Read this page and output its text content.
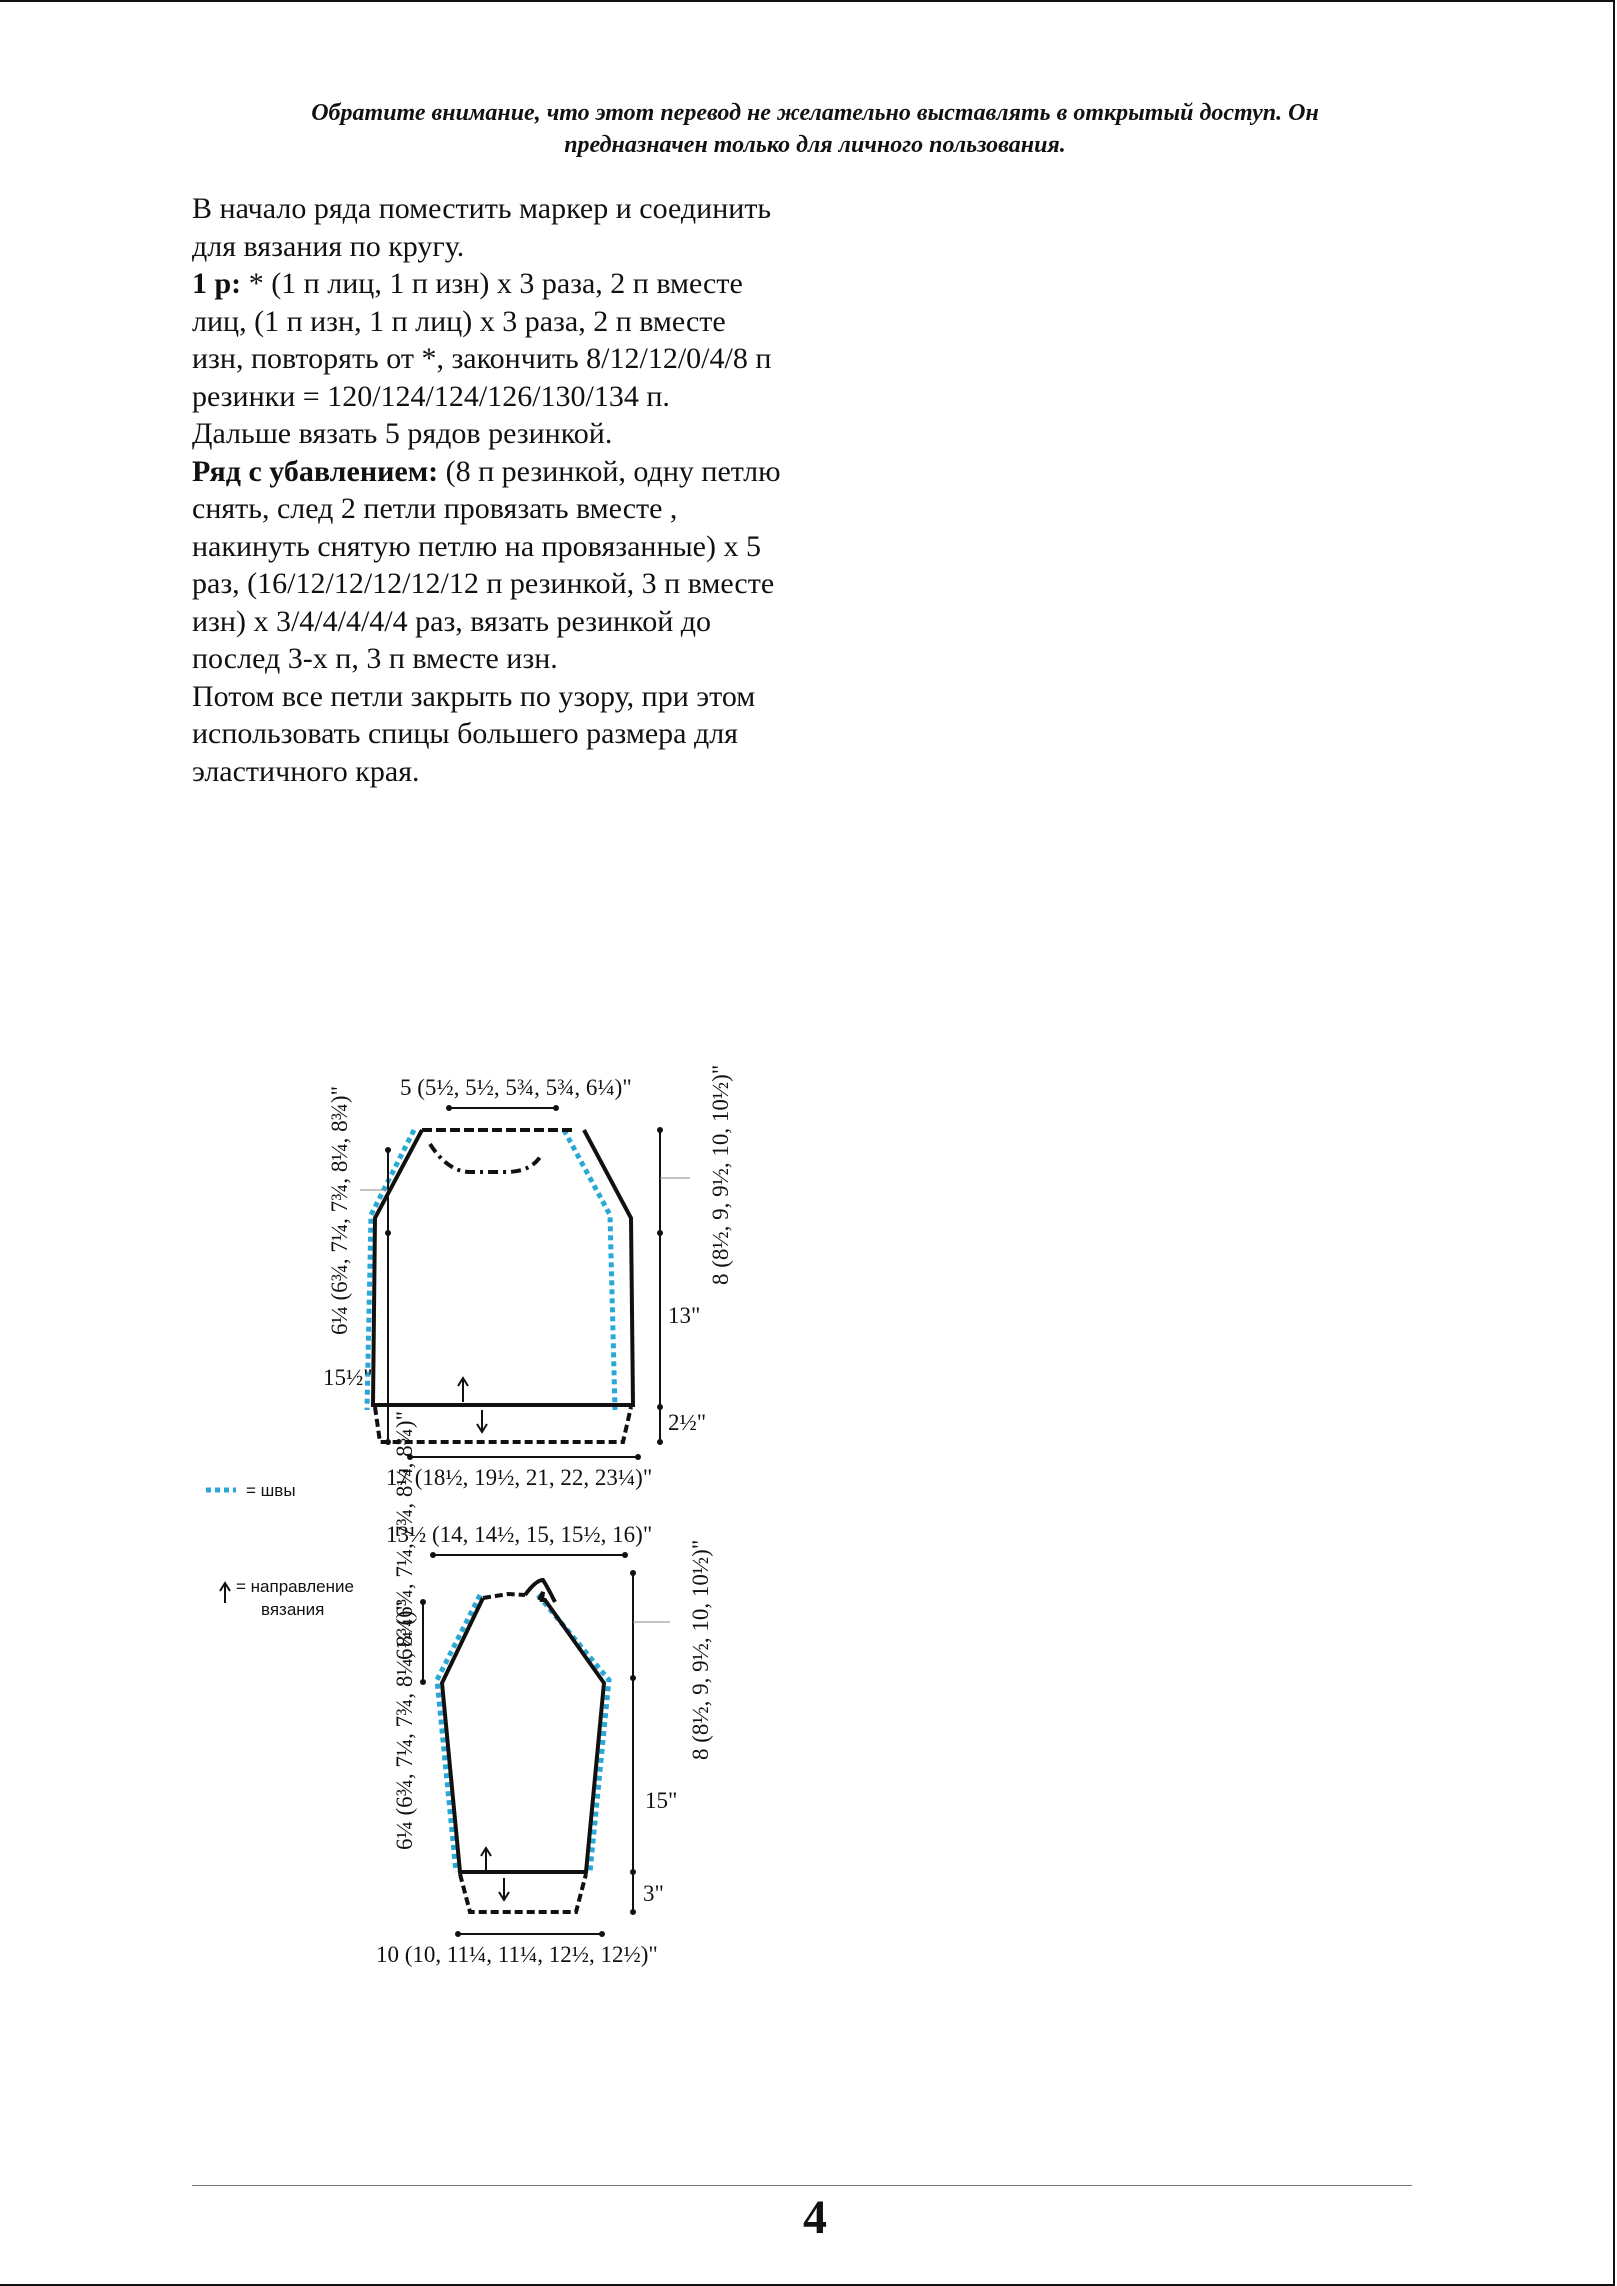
Обратите внимание, что этот перевод не желательно выставлять в открытый доступ. Он
предназначен только для личного пользования.

В начало ряда поместить маркер и соединить для вязания по кругу.

1 р: * (1 п лиц, 1 п изн) х 3 раза, 2 п вместе лиц, (1 п изн, 1 п лиц) х 3 раза, 2 п вместе изн, повторять от *, закончить 8/12/12/0/4/8 п резинки = 120/124/124/126/130/134 п.

Дальше вязать 5 рядов резинкой.

Ряд с убавлением: (8 п резинкой, одну петлю снять, след 2 петли провязать вместе , накинуть снятую петлю на провязанные) х 5 раз, (16/12/12/12/12/12 п резинкой, 3 п вместе изн) х 3/4/4/4/4/4 раз, вязать резинкой до послед 3-х п, 3 п вместе изн.

Потом все петли закрыть по узору, при этом использовать спицы большего размера для эластичного края.

5 (5½, 5½, 5¾, 5¾, 6¼)"
6¼ (6¾, 7¼, 7¾, 8¼, 8¾)"	8 (8½, 9, 9½, 10, 10½)"
13"
2½"
15½"
17 (18½, 19½, 21, 22, 23¼)"
= швы
= направление
вязания
13½ (14, 14½, 15, 15½, 16)"
6¼ (6¾, 7¼, 7¾, 8¼, 8¾)"
6¼ (6¾, 7¼, 7¾, 8¼, 8¾)"	8 (8½, 9, 9½, 10, 10½)"
15"
3"
10 (10, 11¼, 11¼, 12½, 12½)"
4
